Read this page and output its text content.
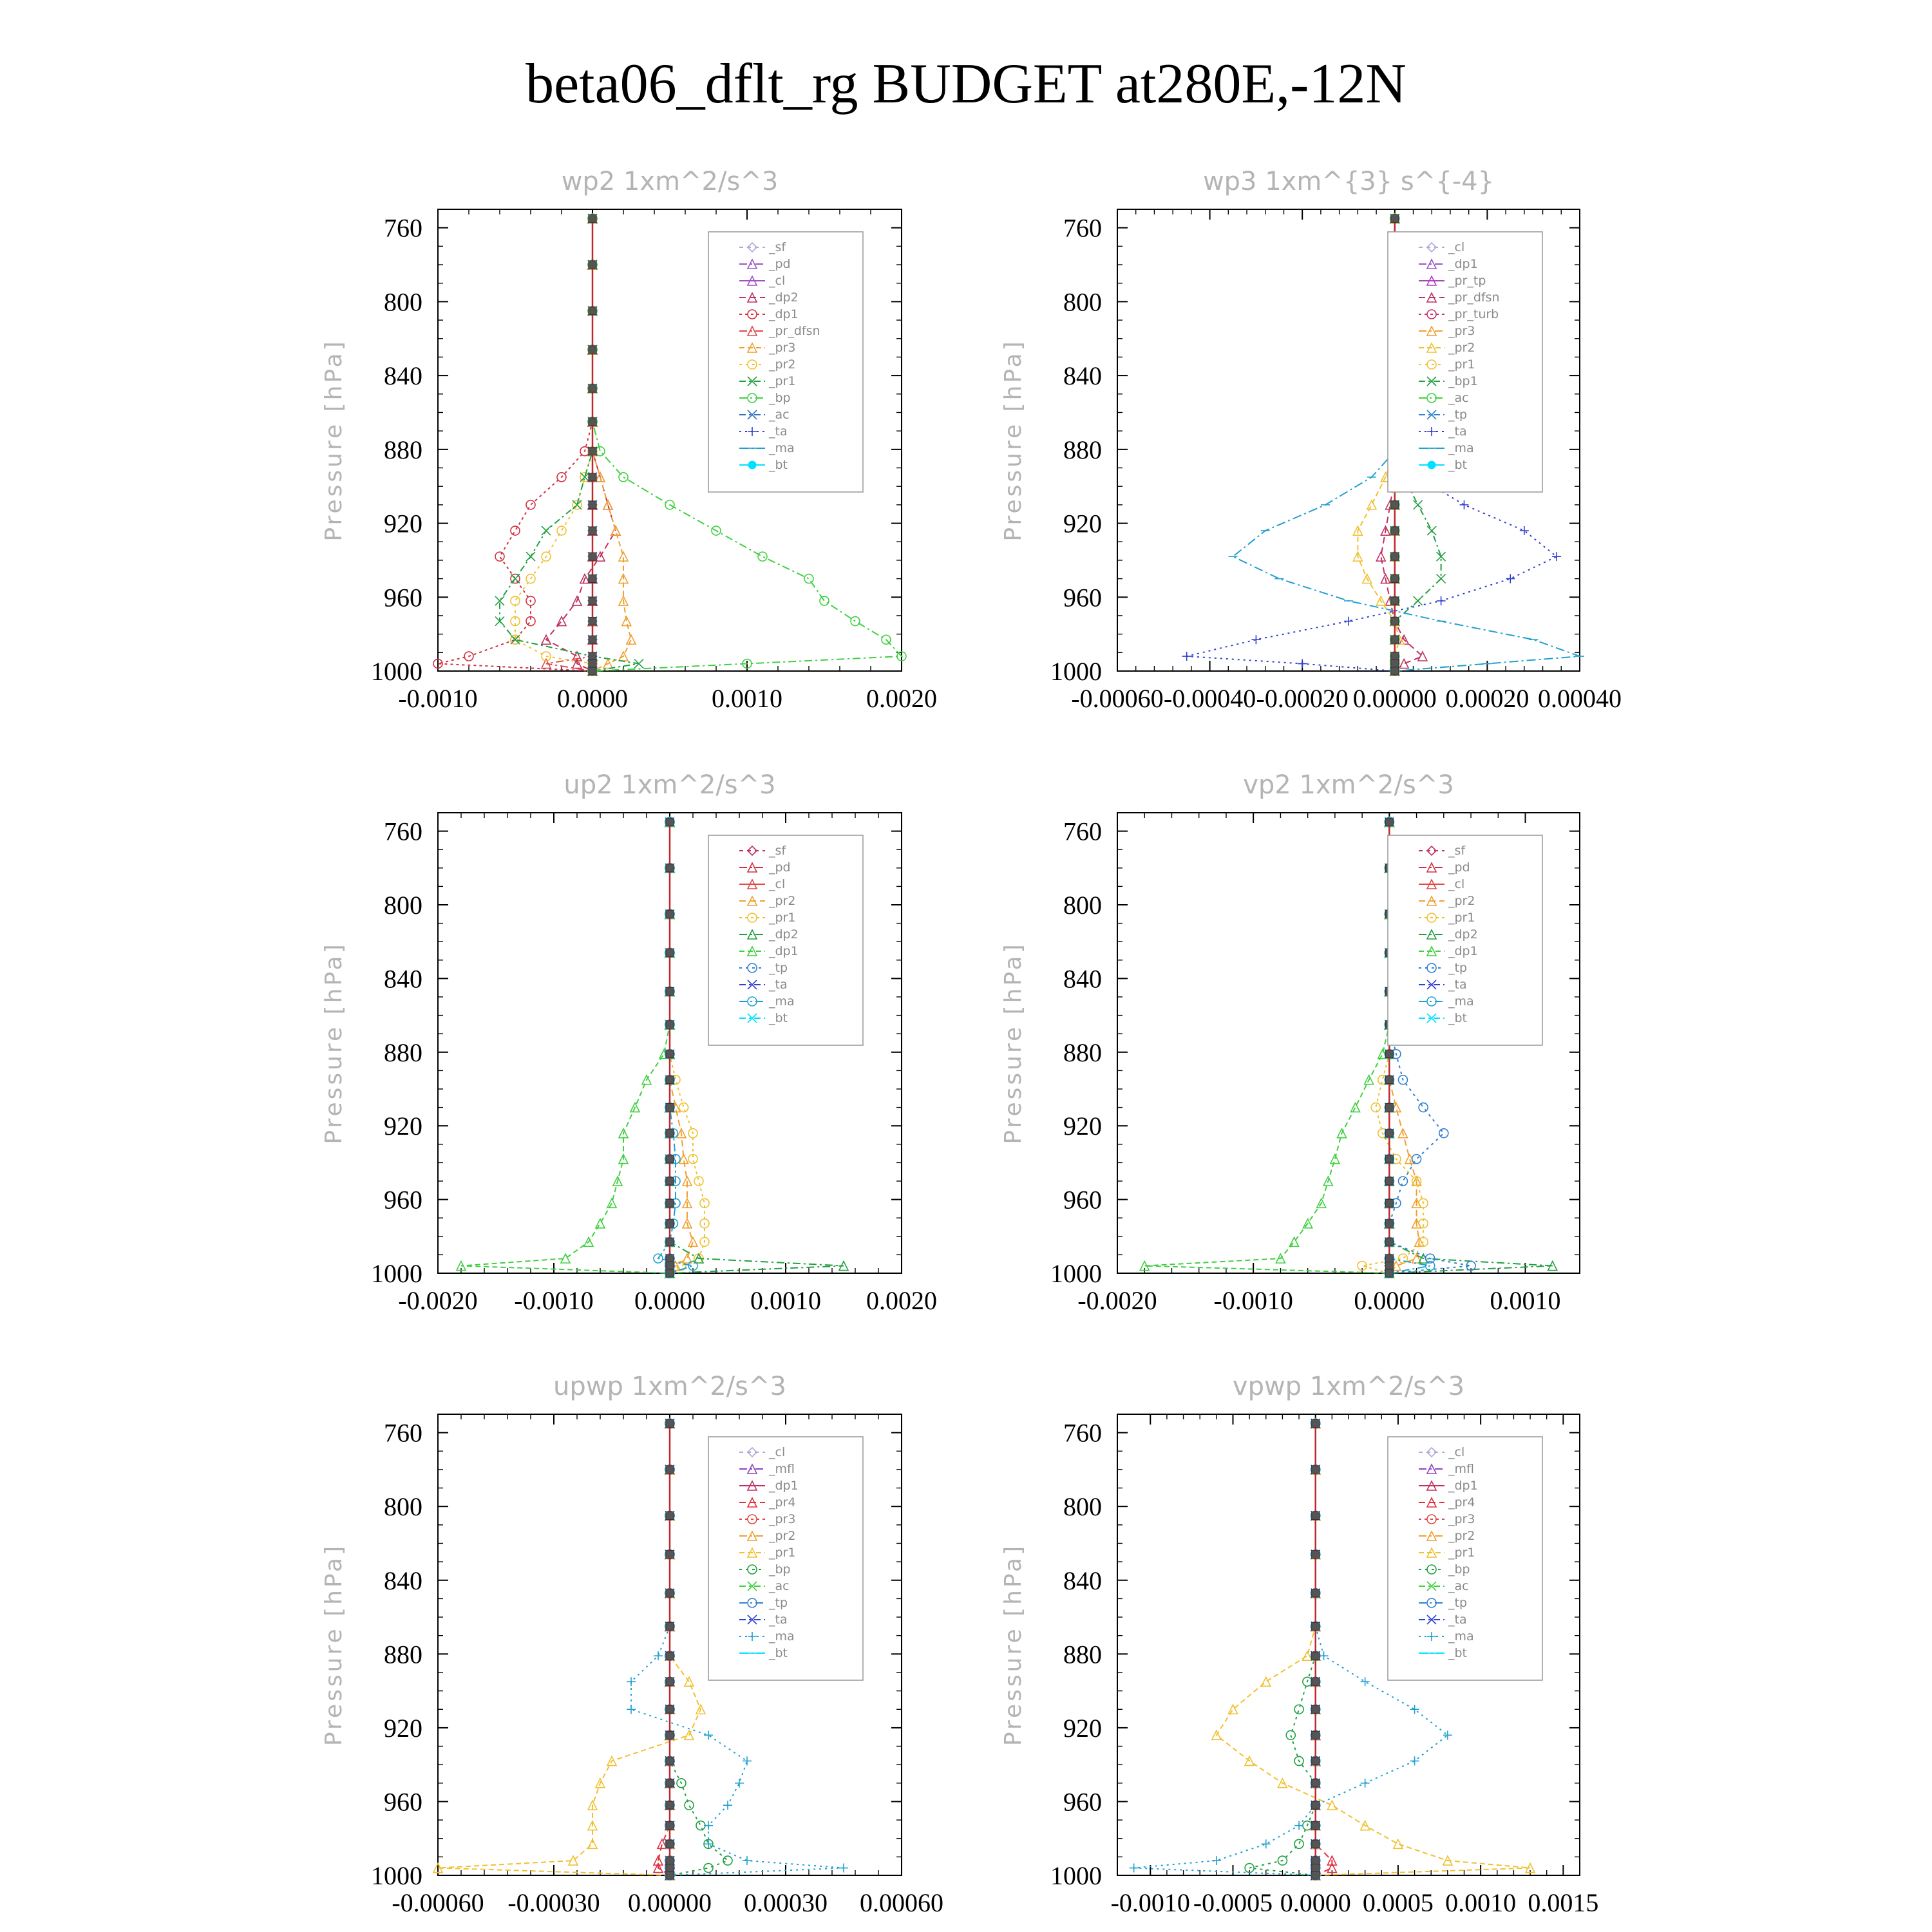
beta06_dflt_rg BUDGET at280E,-12N
wp2 1xm^2/s^3
Pressure [hPa]
760
800
840
880
920
960
1000
-0.0010	0.0000	0.0010	0.0020
_sf
_pd
_cl
_dp2
_dp1
_pr_dfsn
_pr3
_pr2
_pr1
_bp
_ac
_ta
_ma
_bt
wp3 1xm^{3} s^{-4}
Pressure [hPa]
760
800
840
880
920
960
1000
-0.00060 -0.00040 -0.00020 0.00000 0.00020 0.00040
_cl
_dp1
_pr_tp
_pr_dfsn
_pr_turb
_pr3
_pr2
_pr1
_bp1
_ac
_tp
_ta
_ma
_bt
up2 1xm^2/s^3
Pressure [hPa]
760
800
840
880
920
960
1000
-0.0020 -0.0010 0.0000 0.0010 0.0020
_sf
_pd
_cl
_pr2
_pr1
_dp2
_dp1
_tp
_ta
_ma
_bt
vp2 1xm^2/s^3
Pressure [hPa]
760
800
840
880
920
960
1000
-0.0020 -0.0010 0.0000	0.0010
_sf
_pd
_cl
_pr2
_pr1
_dp2
_dp1
_tp
_ta
_ma
_bt
upwp 1xm^2/s^3
Pressure [hPa]
760
800
840
880
920
960
1000
-0.00060 -0.00030 0.00000 0.00030 0.00060
_cl
_mfl
_dp1
_pr4
_pr3
_pr2
_pr1
_bp
_ac
_tp
_ta
_ma
_bt
vpwp 1xm^2/s^3
Pressure [hPa]
760
800
840
880
920
960
1000
-0.0010 -0.0005 0.0000 0.0005 0.0010 0.0015
_cl
_mfl
_dp1
_pr4
_pr3
_pr2
_pr1
_bp
_ac
_tp
_ta
_ma
_bt
